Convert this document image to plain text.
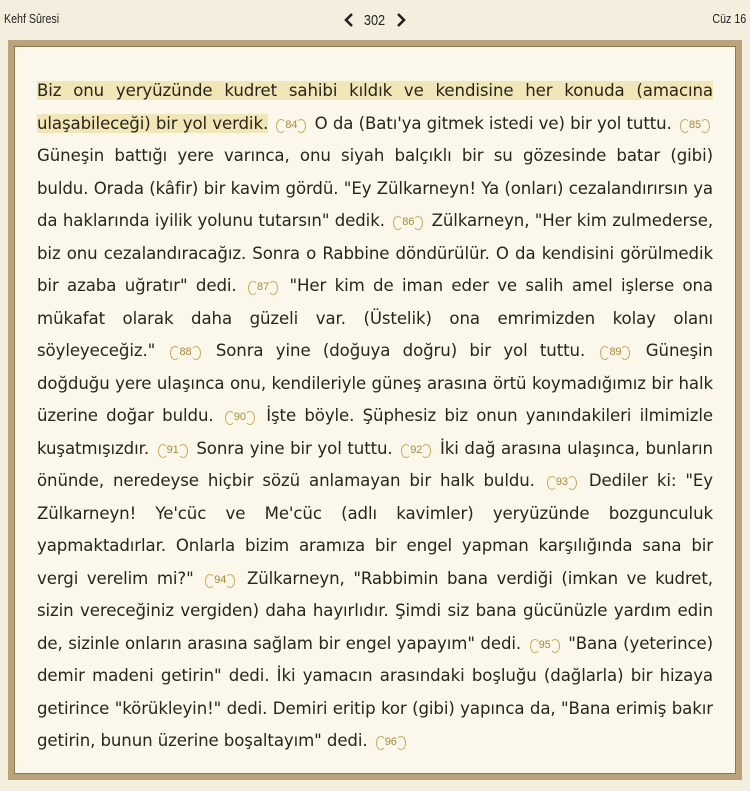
Kehf Sûresi	302	Cüz 16
Biz onu yeryüzünde kudret sahibi kıldık ve kendisine her konuda (amacına ulaşabileceği) bir yol verdik. 84 O da (Batı'ya gitmek istedi ve) bir yol tuttu. 85 Güneşin battığı yere varınca, onu siyah balçıklı bir su gözesinde batar (gibi) buldu. Orada (kâfir) bir kavim gördü. "Ey Zülkarneyn! Ya (onları) cezalandırırsın ya da haklarında iyilik yolunu tutarsın" dedik. 86 Zülkarneyn, "Her kim zulmederse, biz onu cezalandıracağız. Sonra o Rabbine döndürülür. O da kendisini görülmedik bir azaba uğratır" dedi. 87 "Her kim de iman eder ve salih amel işlerse ona mükafat olarak daha güzeli var. (Üstelik) ona emrimizden kolay olanı söyleyeceğiz." 88 Sonra yine (doğuya doğru) bir yol tuttu. 89 Güneşin doğduğu yere ulaşınca onu, kendileriyle güneş arasına örtü koymadığımız bir halk üzerine doğar buldu. 90 İşte böyle. Şüphesiz biz onun yanındakileri ilmimizle kuşatmışızdır. 91 Sonra yine bir yol tuttu. 92 İki dağ arasına ulaşınca, bunların önünde, neredeyse hiçbir sözü anlamayan bir halk buldu. 93 Dediler ki: "Ey Zülkarneyn! Ye'cüc ve Me'cüc (adlı kavimler) yeryüzünde bozgunculuk yapmaktadırlar. Onlarla bizim aramıza bir engel yapman karşılığında sana bir vergi verelim mi?" 94 Zülkarneyn, "Rabbimin bana verdiği (imkan ve kudret, sizin vereceğiniz vergiden) daha hayırlıdır. Şimdi siz bana gücünüzle yardım edin de, sizinle onların arasına sağlam bir engel yapayım" dedi. 95 "Bana (yeterince) demir madeni getirin" dedi. İki yamacın arasındaki boşluğu (dağlarla) bir hizaya getirince "körükleyin!" dedi. Demiri eritip kor (gibi) yapınca da, "Bana erimiş bakır getirin, bunun üzerine boşaltayım" dedi. 96
